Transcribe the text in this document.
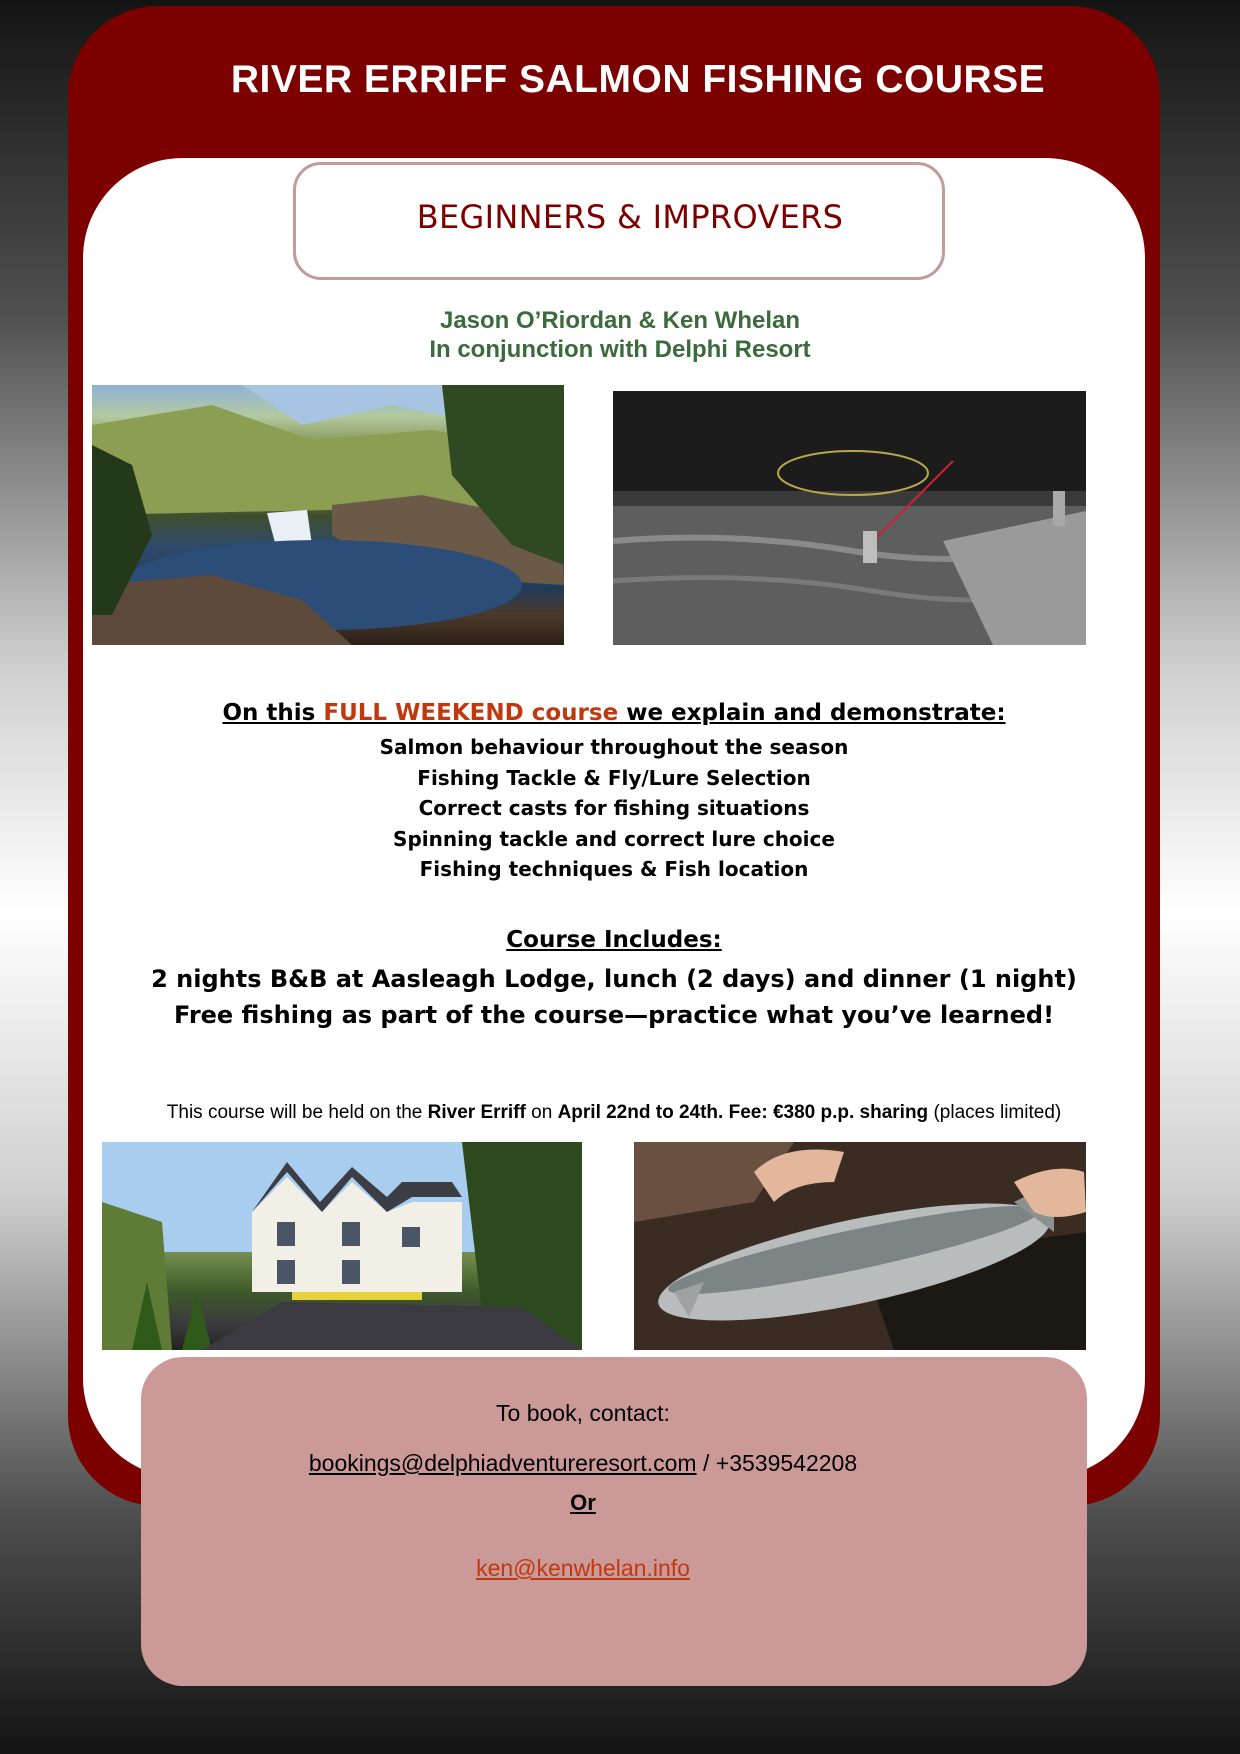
RIVER ERRIFF SALMON FISHING COURSE
BEGINNERS & IMPROVERS
Jason O’Riordan & Ken Whelan
In conjunction with Delphi Resort
On this FULL WEEKEND course we explain and demonstrate:
Salmon behaviour throughout the season
Fishing Tackle & Fly/Lure Selection
Correct casts for fishing situations
Spinning tackle and correct lure choice
Fishing techniques & Fish location
Course Includes:
2 nights B&B at Aasleagh Lodge, lunch (2 days) and dinner (1 night)
Free fishing as part of the course—practice what you’ve learned!
This course will be held on the River Erriff on April 22nd to 24th. Fee: €380 p.p. sharing (places limited)
To book, contact:
bookings@delphiadventureresort.com / +3539542208
Or
ken@kenwhelan.info
